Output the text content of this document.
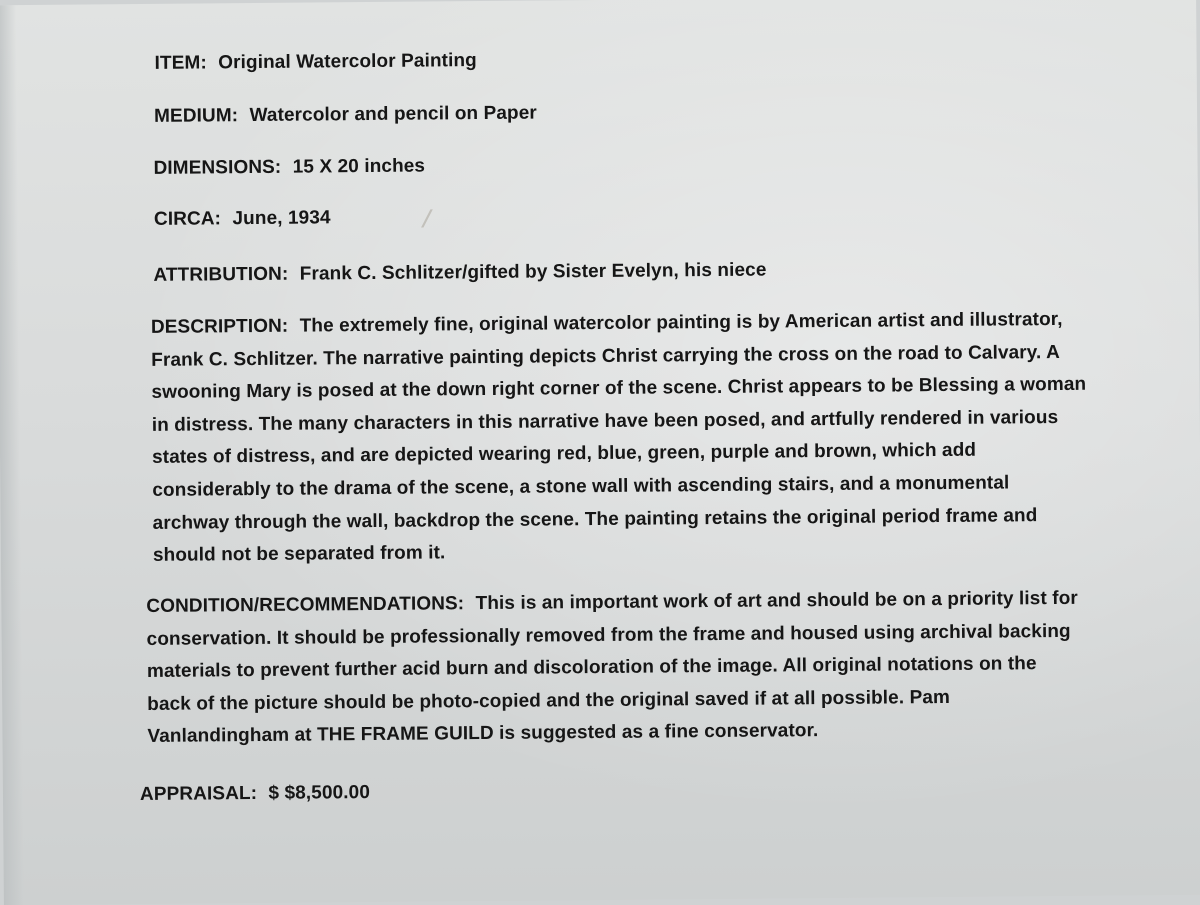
ITEM: Original Watercolor Painting

MEDIUM: Watercolor and pencil on Paper

DIMENSIONS: 15 X 20 inches

CIRCA: June, 1934	/

ATTRIBUTION: Frank C. Schlitzer/gifted by Sister Evelyn, his niece

DESCRIPTION: The extremely fine, original watercolor painting is by American artist and illustrator,
Frank C. Schlitzer. The narrative painting depicts Christ carrying the cross on the road to Calvary. A
swooning Mary is posed at the down right corner of the scene. Christ appears to be Blessing a woman
in distress. The many characters in this narrative have been posed, and artfully rendered in various
states of distress, and are depicted wearing red, blue, green, purple and brown, which add
considerably to the drama of the scene, a stone wall with ascending stairs, and a monumental
archway through the wall, backdrop the scene. The painting retains the original period frame and
should not be separated from it.
CONDITION/RECOMMENDATIONS: This is an important work of art and should be on a priority list for
conservation. It should be professionally removed from the frame and housed using archival backing
materials to prevent further acid burn and discoloration of the image. All original notations on the
back of the picture should be photo-copied and the original saved if at all possible. Pam
Vanlandingham at THE FRAME GUILD is suggested as a fine conservator.

APPRAISAL: $ $8,500.00
